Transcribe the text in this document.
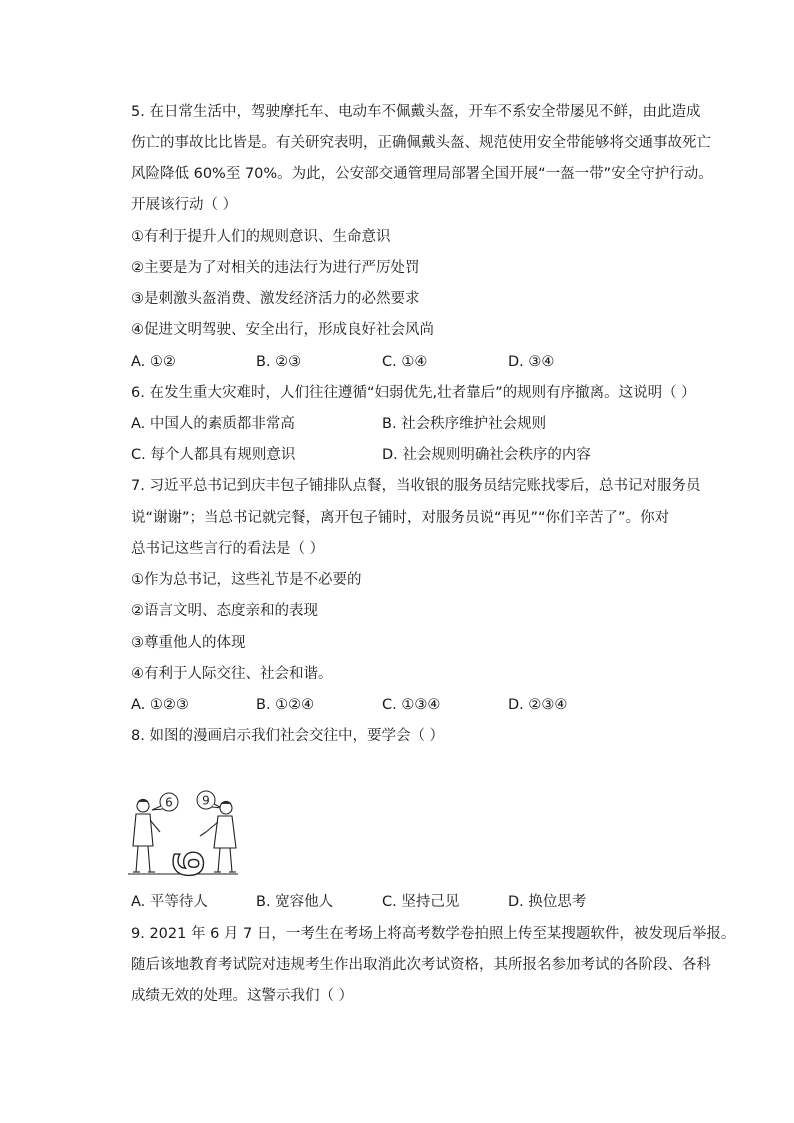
5. 在日常生活中，驾驶摩托车、电动车不佩戴头盔，开车不系安全带屡见不鲜，由此造成
伤亡的事故比比皆是。有关研究表明，正确佩戴头盔、规范使用安全带能够将交通事故死亡
风险降低 60%至 70%。为此，公安部交通管理局部署全国开展“一盔一带”安全守护行动。
开展该行动（ ）
①有利于提升人们的规则意识、生命意识
②主要是为了对相关的违法行为进行严厉处罚
③是刺激头盔消费、激发经济活力的必然要求
④促进文明驾驶、安全出行，形成良好社会风尚
A. ①②	B. ②③	C. ①④	D. ③④
6. 在发生重大灾难时，人们往往遵循“妇弱优先,壮者靠后”的规则有序撤离。这说明（ ）
A. 中国人的素质都非常高	B. 社会秩序维护社会规则
C. 每个人都具有规则意识	D. 社会规则明确社会秩序的内容
7. 习近平总书记到庆丰包子铺排队点餐，当收银的服务员结完账找零后，总书记对服务员
说“谢谢”；当总书记就完餐，离开包子铺时，对服务员说“再见”“你们辛苦了”。你对
总书记这些言行的看法是（ ）
①作为总书记，这些礼节是不必要的
②语言文明、态度亲和的表现
③尊重他人的体现
④有利于人际交往、社会和谐。
A. ①②③	B. ①②④	C. ①③④	D. ②③④
8. 如图的漫画启示我们社会交往中，要学会（ ）
6 9
6
A. 平等待人	B. 宽容他人	C. 坚持己见	D. 换位思考
9. 2021 年 6 月 7 日，一考生在考场上将高考数学卷拍照上传至某搜题软件，被发现后举报。
随后该地教育考试院对违规考生作出取消此次考试资格，其所报名参加考试的各阶段、各科
成绩无效的处理。这警示我们（ ）
